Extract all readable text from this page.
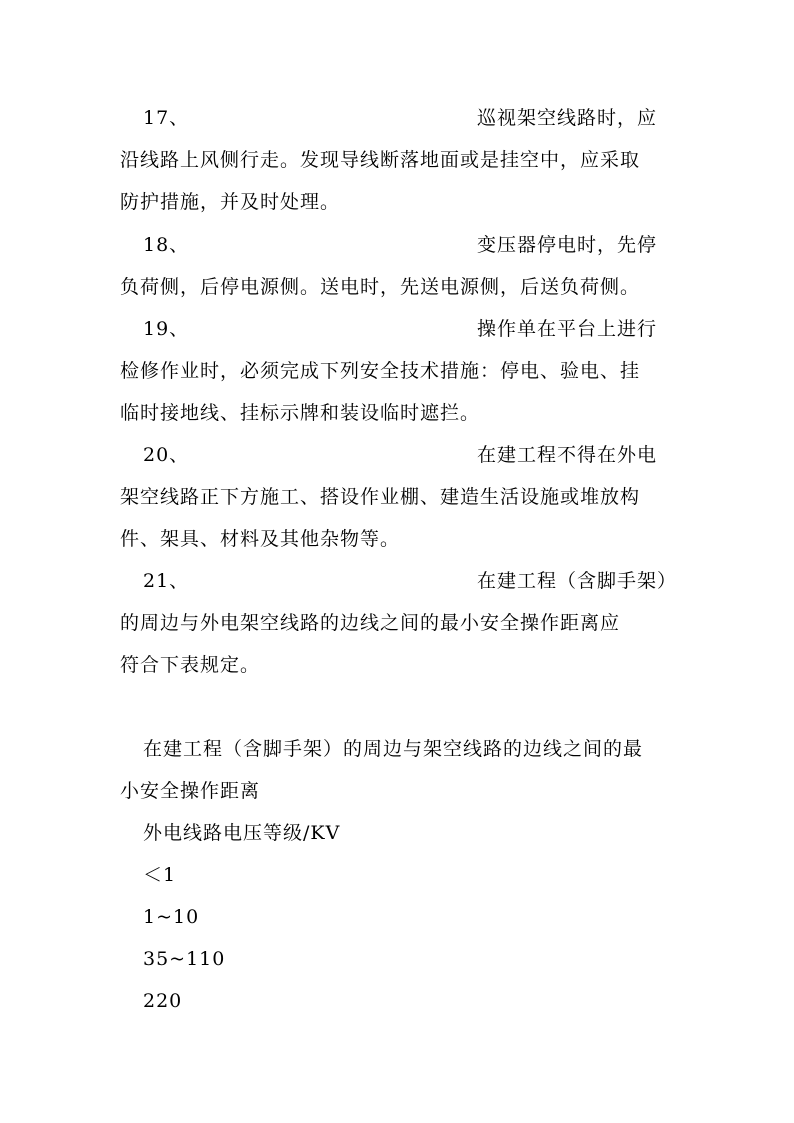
17、	巡视架空线路时，应
沿线路上风侧行走。发现导线断落地面或是挂空中，应采取
防护措施，并及时处理。
18、	变压器停电时，先停
负荷侧，后停电源侧。送电时，先送电源侧，后送负荷侧。
19、	操作单在平台上进行
检修作业时，必须完成下列安全技术措施：停电、验电、挂
临时接地线、挂标示牌和装设临时遮拦。
20、	在建工程不得在外电
架空线路正下方施工、搭设作业棚、建造生活设施或堆放构
件、架具、材料及其他杂物等。
21、	在建工程（含脚手架）
的周边与外电架空线路的边线之间的最小安全操作距离应
符合下表规定。
在建工程（含脚手架）的周边与架空线路的边线之间的最
小安全操作距离
外电线路电压等级/KV
＜1
1~10
35~110
220
